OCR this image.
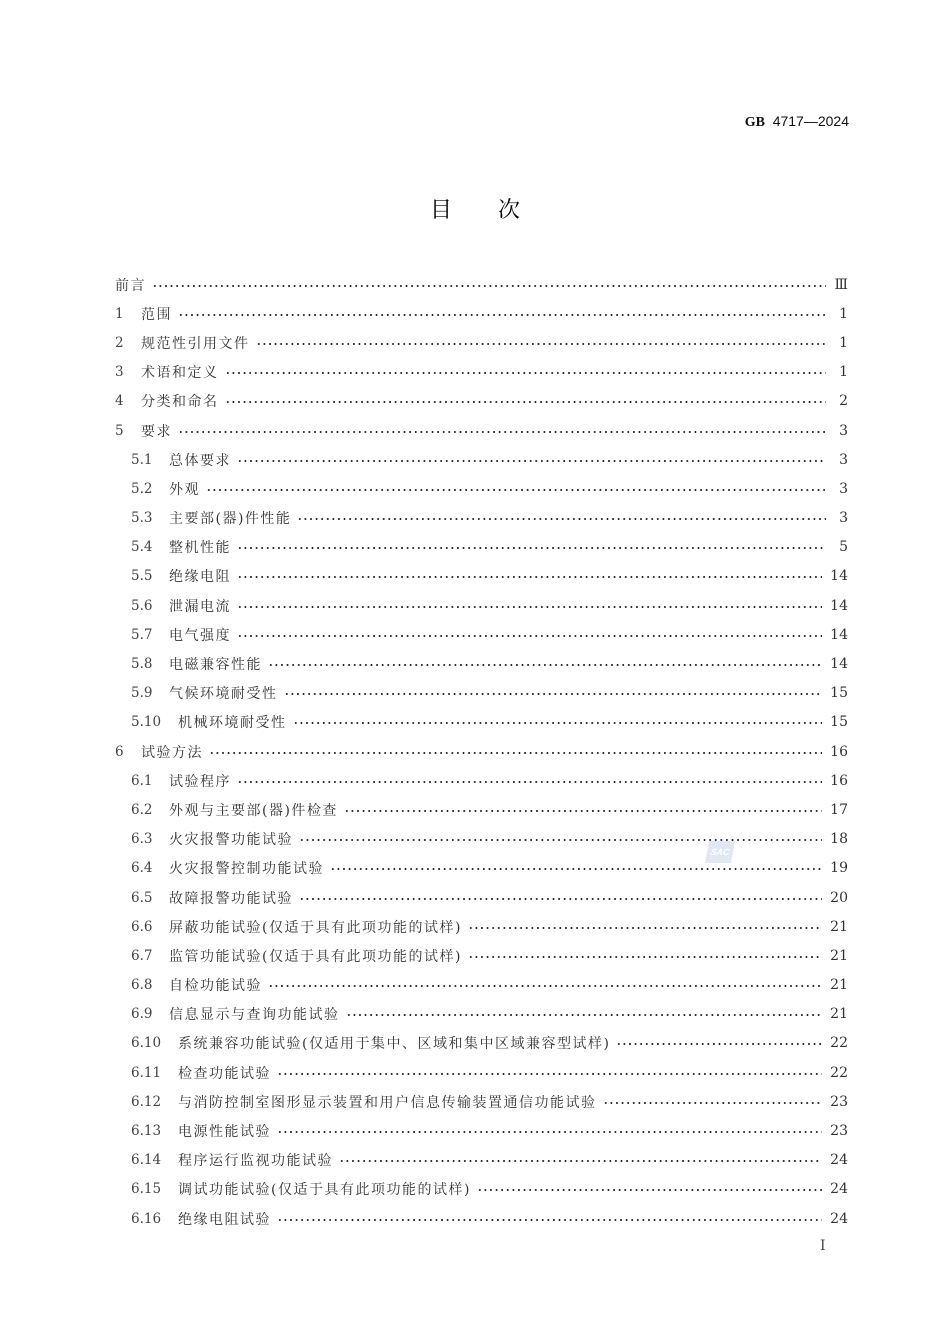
GB 4717—2024
目次
前言	Ⅲ
1	范围	1
2	规范性引用文件	1
3	术语和定义	1
4	分类和命名	2
5	要求	3
5.1	总体要求	3
5.2	外观	3
5.3	主要部(器)件性能	3
5.4	整机性能	5
5.5	绝缘电阻	14
5.6	泄漏电流	14
5.7	电气强度	14
5.8	电磁兼容性能	14
5.9	气候环境耐受性	15
5.10	机械环境耐受性	15
6	试验方法	16
6.1	试验程序	16
6.2	外观与主要部(器)件检查	17
6.3	火灾报警功能试验	18
6.4	火灾报警控制功能试验	19
6.5	故障报警功能试验	20
6.6	屏蔽功能试验(仅适于具有此项功能的试样)	21
6.7	监管功能试验(仅适于具有此项功能的试样)	21
6.8	自检功能试验	21
6.9	信息显示与查询功能试验	21
6.10	系统兼容功能试验(仅适用于集中、区域和集中区域兼容型试样)	22
6.11	检查功能试验	22
6.12	与消防控制室图形显示装置和用户信息传输装置通信功能试验	23
6.13	电源性能试验	23
6.14	程序运行监视功能试验	24
6.15	调试功能试验(仅适于具有此项功能的试样)	24
6.16	绝缘电阻试验	24
SAC
Ⅰ
